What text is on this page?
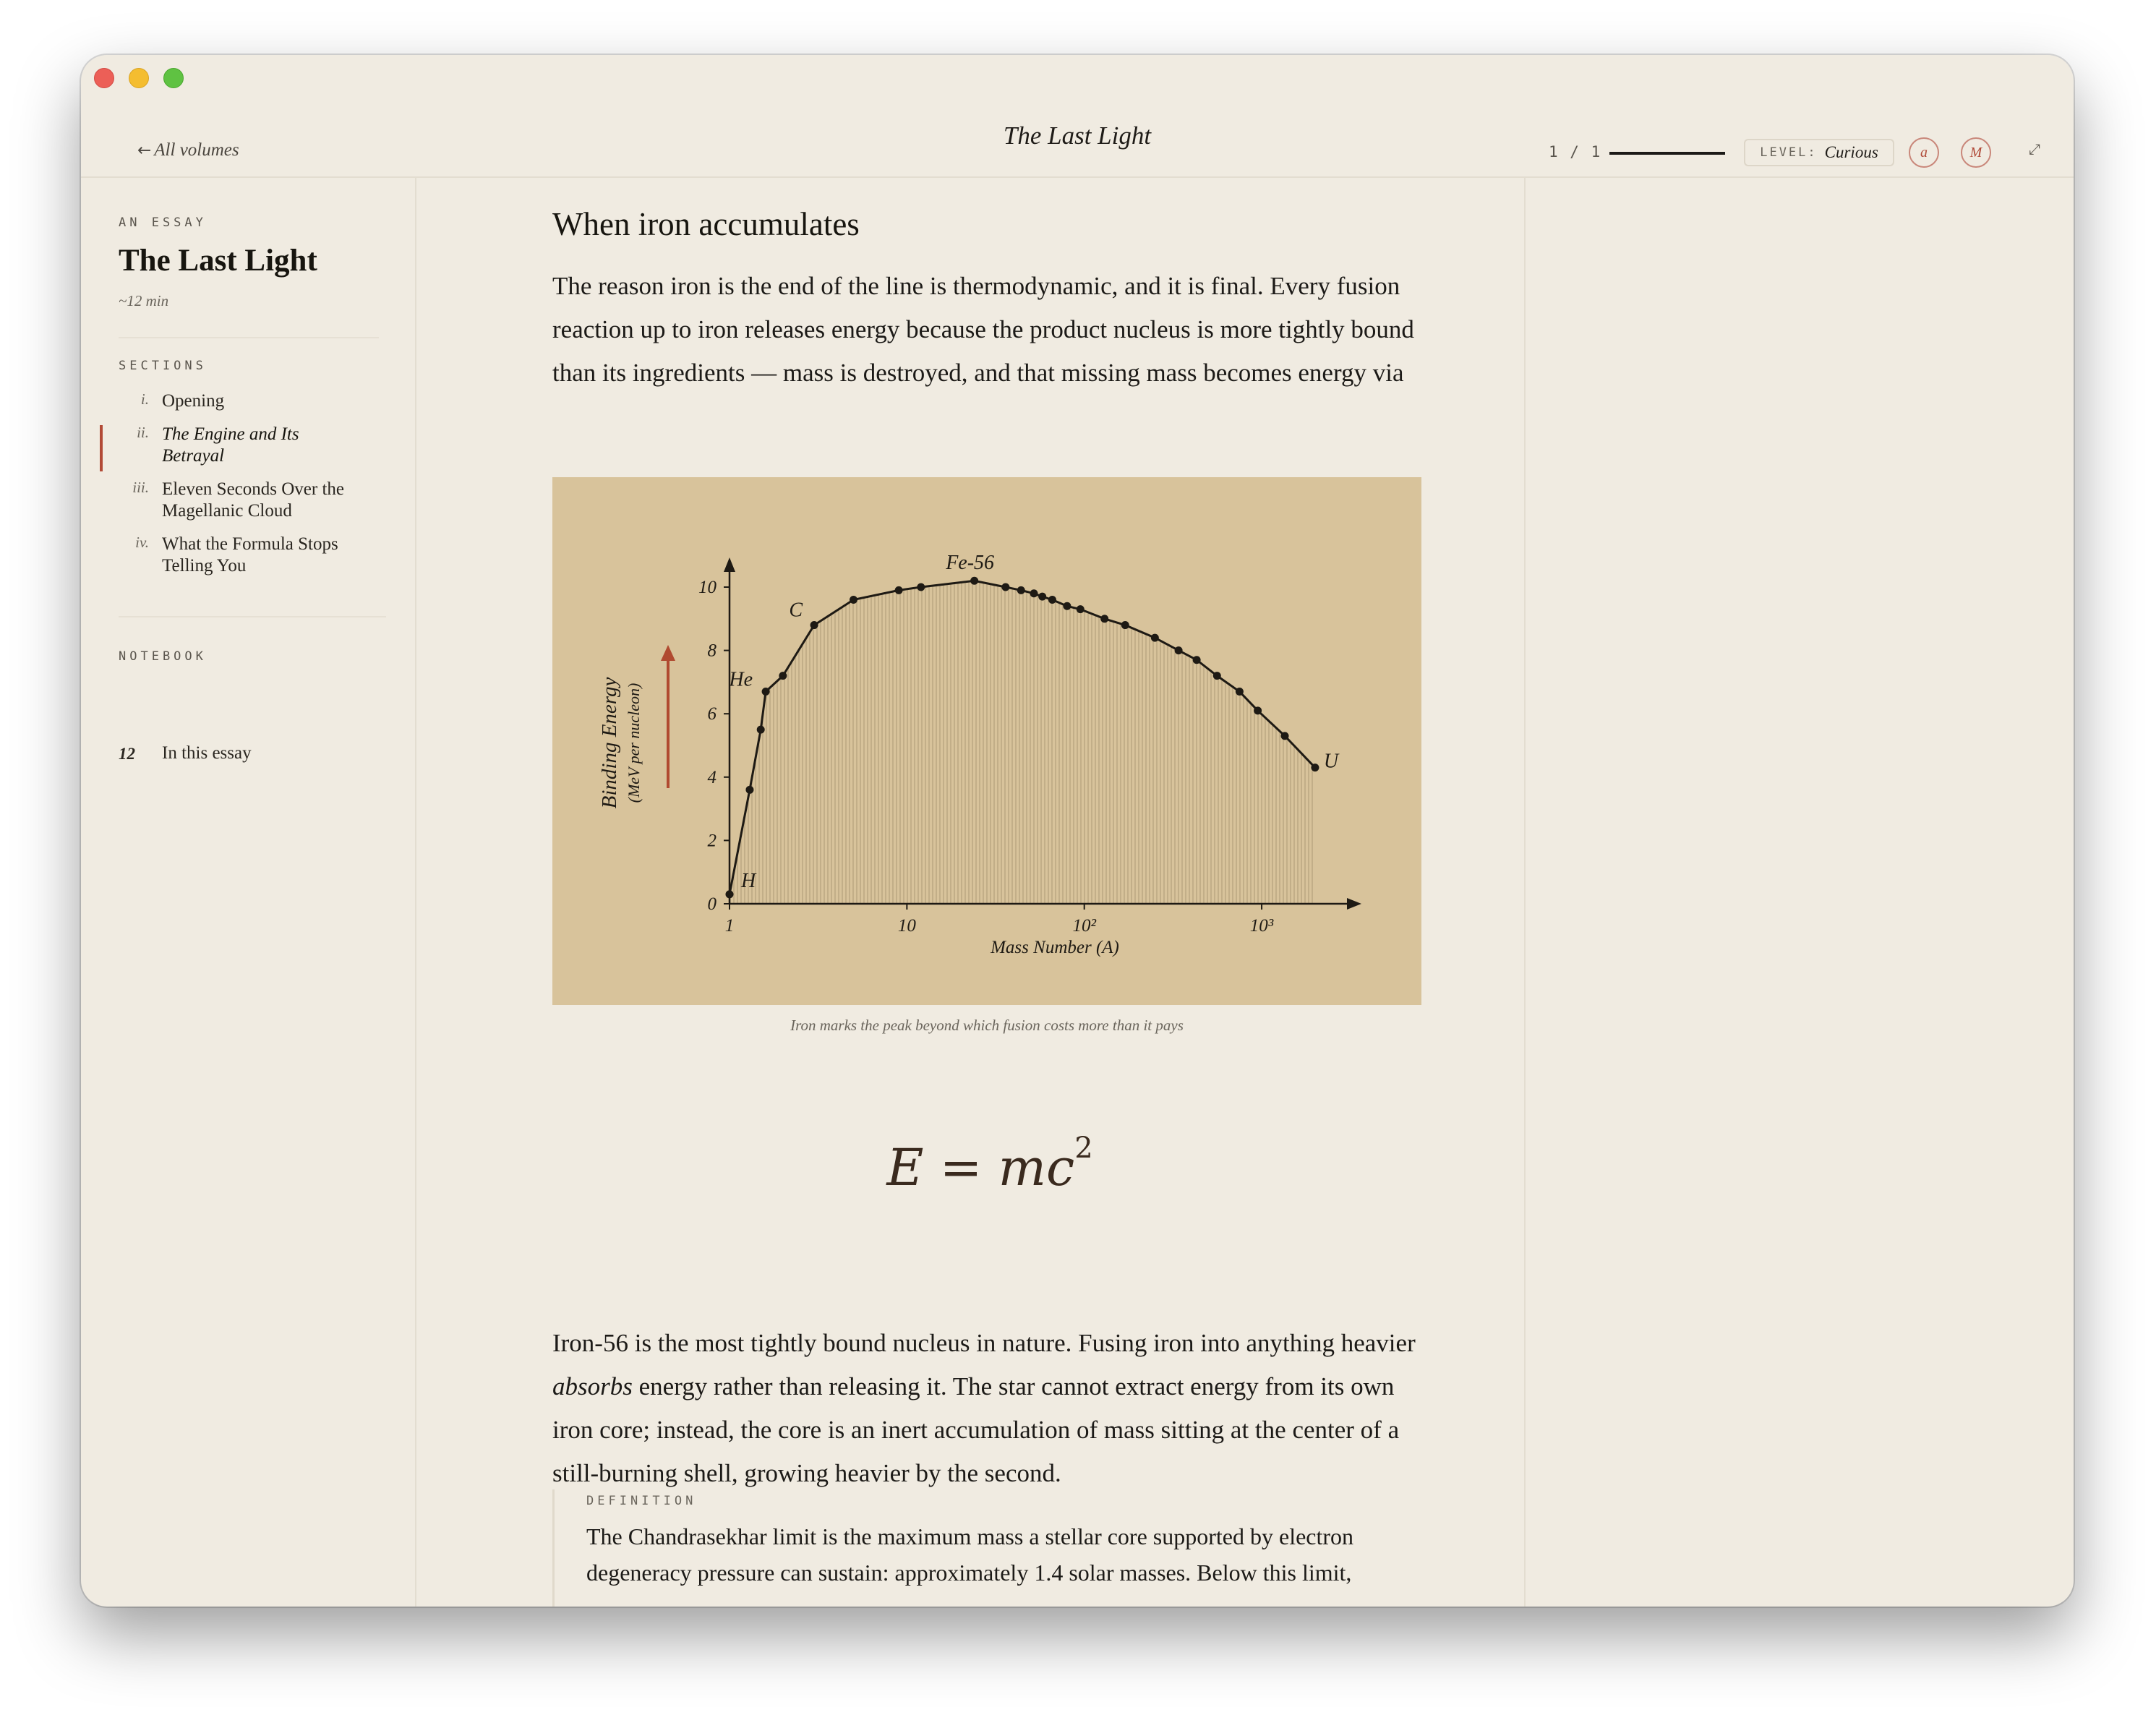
← All volumes
The Last Light
1 / 1	LEVEL: Curious	a	M	⤢
AN ESSAY
The Last Light
~12 min
SECTIONS
i. Opening
ii. The Engine and Its Betrayal
iii. Eleven Seconds Over the Magellanic Cloud
iv. What the Formula Stops Telling You
NOTEBOOK
12 In this essay
When iron accumulates

The reason iron is the end of the line is thermodynamic, and it is final. Every fusion reaction up to iron releases energy because the product nucleus is more tightly bound than its ingredients — mass is destroyed, and that missing mass becomes energy via

0
2
4
6
8
10
1	10	10²	10³
H
He
C
Fe-56
U
Mass Number (A)
Binding Energy (MeV per nucleon)
Iron marks the peak beyond which fusion costs more than it pays
$E = mc^2$

Iron-56 is the most tightly bound nucleus in nature. Fusing iron into anything heavier absorbs energy rather than releasing it. The star cannot extract energy from its own iron core; instead, the core is an inert accumulation of mass sitting at the center of a still-burning shell, growing heavier by the second.

DEFINITION

The Chandrasekhar limit is the maximum mass a stellar core supported by electron degeneracy pressure can sustain: approximately 1.4 solar masses. Below this limit,
